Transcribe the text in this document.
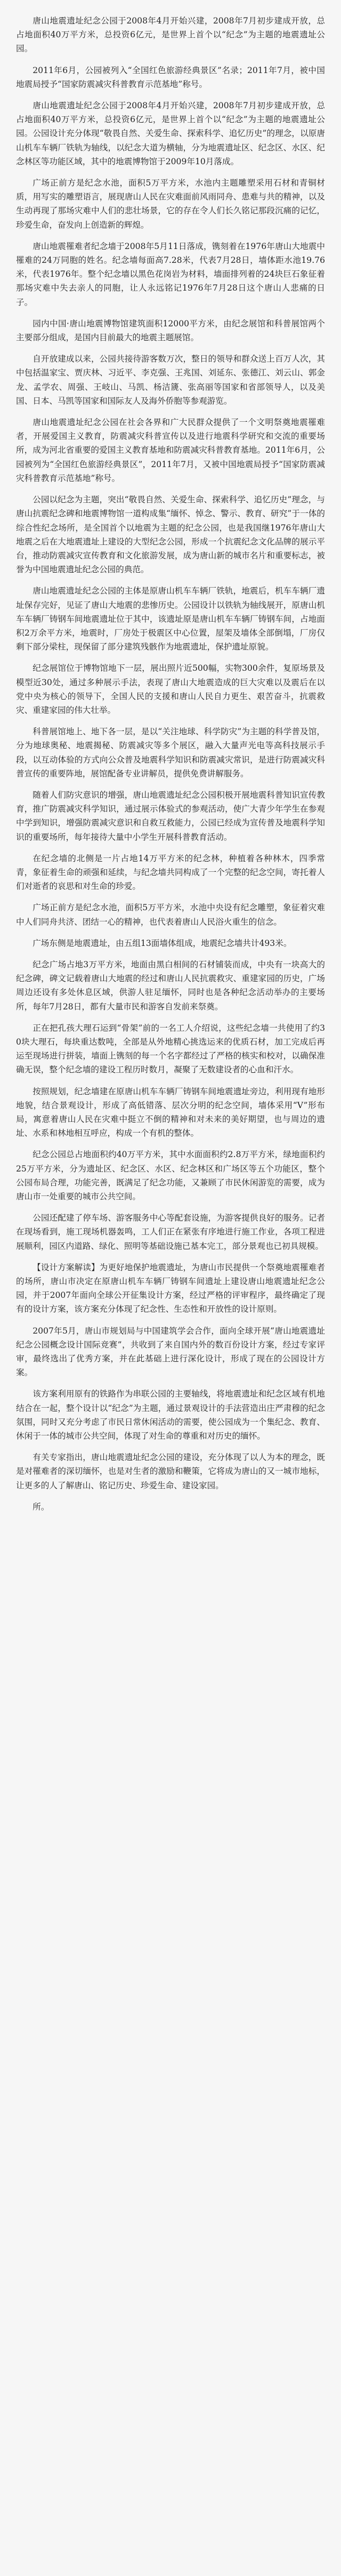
唐山地震遗址纪念公园于2008年4月开始兴建，2008年7月初步建成开放，总占地面积40万平方米，总投资6亿元，是世界上首个以“纪念”为主题的地震遗址公园。

2011年6月，公园被列入“全国红色旅游经典景区”名录；2011年7月，被中国地震局授予“国家防震减灾科普教育示范基地”称号。

唐山地震遗址纪念公园于2008年4月开始兴建，2008年7月初步建成开放，总占地面积40万平方米，总投资6亿元，是世界上首个以“纪念”为主题的地震遗址公园。公园设计充分体现“敬畏自然、关爱生命、探索科学、追忆历史”的理念，以原唐山机车车辆厂铁轨为轴线，以纪念大道为横轴，分为地震遗址区、纪念区、水区、纪念林区等功能区域，其中的地震博物馆于2009年10月落成。

广场正前方是纪念水池，面积5万平方米，水池内主题雕塑采用石材和青铜材质，用写实的雕塑语言，展现唐山人民在灾难面前风雨同舟、患难与共的精神，以及生动再现了那场灾难中人们的悲壮场景，它的存在令人们长久铭记那段沉痛的记忆，珍爱生命，奋发向上创造新的辉煌。

唐山地震罹难者纪念墙于2008年5月11日落成，镌刻着在1976年唐山大地震中罹难的24万同胞的姓名。纪念墙每面高7.28米，代表7月28日，墙体距水池19.76米，代表1976年。整个纪念墙以黑色花岗岩为材料，墙面排列着的24块巨石象征着那场灾难中失去亲人的同胞，让人永远铭记1976年7月28日这个唐山人悲痛的日子。

园内中国·唐山地震博物馆建筑面积12000平方米，由纪念展馆和科普展馆两个主要部分组成，是国内目前最大的地震主题展馆。

自开放建成以来，公园共接待游客数万次，整日的领导和群众送上百万人次，其中包括温家宝、贾庆林、习近平、李克强、王兆国、刘延东、张德江、刘云山、郭金龙、孟学农、周强、王岐山、马凯、杨洁篪、张高丽等国家和省部领导人，以及美国、日本、马凯等国家和国际友人及海外侨胞等参观游览。

唐山地震遗址纪念公园在社会各界和广大民群众提供了一个文明祭奠地震罹难者，开展爱国主义教育，防震减灾科普宣传以及进行地震科学研究和交流的重要场所，成为河北省重要的爱国主义教育基地和防震减灾科普教育基地。2011年6月，公园被列为“全国红色旅游经典景区”，2011年7月，又被中国地震局授予“国家防震减灾科普教育示范基地”称号。

公园以纪念为主题，突出“敬畏自然、关爱生命、探索科学、追忆历史”理念，与唐山抗震纪念碑和地震博物馆一道构成集“缅怀、悼念、警示、教育、研究”于一体的综合性纪念场所，是全国首个以地震为主题的纪念公园，也是我国继1976年唐山大地震之后在大地震遗址上建设的大型纪念公园，形成一个抗震纪念文化品牌的展示平台，推动防震减灾宣传教育和文化旅游发展，成为唐山新的城市名片和重要标志，被誉为中国地震遗址纪念公园的典范。

唐山地震遗址纪念公园的主体是原唐山机车车辆厂铁轨，地震后，机车车辆厂遗址保存完好，见证了唐山大地震的悲惨历史。公园设计以铁轨为轴线展开，原唐山机车车辆厂铸钢车间地震遗址位于其中，该遗址原是唐山机车车辆厂铸钢车间，占地面积2万余平方米，地震时，厂房处于极震区中心位置，屋架及墙体全部倒塌，厂房仅剩下部分梁柱，现保留了部分建筑残骸作为地震遗址，保护遗址原貌。

纪念展馆位于博物馆地下一层，展出照片近500幅，实物300余件，复原场景及模型近30处，通过多种展示手法，表现了唐山大地震造成的巨大灾难以及震后在以党中央为核心的领导下，全国人民的支援和唐山人民自力更生、艰苦奋斗，抗震救灾、重建家园的伟大壮举。

科普展馆地上、地下各一层，是以“关注地球、科学防灾”为主题的科学普及馆，分为地球奥秘、地震揭秘、防震减灾等多个展区，融入大量声光电等高科技展示手段，以互动体验的方式向公众普及地震科学知识和防震减灾常识，是进行防震减灾科普宣传的重要阵地，展馆配备专业讲解员，提供免费讲解服务。

随着人们防灾意识的增强，唐山地震遗址纪念公园积极开展地震科普知识宣传教育，推广防震减灾科学知识，通过展示体验式的参观活动，使广大青少年学生在参观中学到知识，增强防震减灾意识和自救互救能力，公园已经成为宣传普及地震科学知识的重要场所，每年接待大量中小学生开展科普教育活动。

在纪念墙的北侧是一片占地14万平方米的纪念林，种植着各种林木，四季常青，象征着生命的顽强和延续，与纪念墙共同构成了一个完整的纪念空间，寄托着人们对逝者的哀思和对生命的珍爱。

广场正前方是纪念水池，面积5万平方米，水池中央设有纪念雕塑，象征着灾难中人们同舟共济、团结一心的精神，也代表着唐山人民浴火重生的信念。

广场东侧是地震遗址，由五组13面墙体组成，地震纪念墙共计493米。

纪念广场占地3万平方米，地面由黑白相间的石材铺装而成，中央有一块高大的纪念碑，碑文记载着唐山大地震的经过和唐山人民抗震救灾、重建家园的历史，广场周边还设有多处休息区域，供游人驻足缅怀，同时也是各种纪念活动举办的主要场所，每年7月28日，都有大量市民和游客自发前来祭奠。

正在把孔孩大理石运到“骨架”前的一名工人介绍说，这些纪念墙一共使用了约30块大理石，每块重达数吨，全部是从外地精心挑选运来的优质石材，加工完成后再运至现场进行拼装，墙面上镌刻的每一个名字都经过了严格的核实和校对，以确保准确无误，整个纪念墙的建设工程历时数月，凝聚了无数建设者的心血和汗水。

按照规划，纪念墙建在原唐山机车车辆厂铸钢车间地震遗址旁边，利用现有地形地貌，结合景观设计，形成了高低错落、层次分明的纪念空间，墙体采用“V”形布局，寓意着唐山人民在灾难中挺立不倒的精神和对未来的美好期望，也与周边的遗址、水系和林地相互呼应，构成一个有机的整体。

纪念公园总占地面积约40万平方米，其中水面面积约2.8万平方米，绿地面积约25万平方米，分为遗址区、纪念区、水区、纪念林区和广场区等五个功能区，整个公园布局合理，功能完善，既满足了纪念功能，又兼顾了市民休闲游览的需要，成为唐山市一处重要的城市公共空间。

公园还配建了停车场、游客服务中心等配套设施，为游客提供良好的服务。记者在现场看到，施工现场机器轰鸣，工人们正在紧张有序地进行施工作业，各项工程进展顺利，园区内道路、绿化、照明等基础设施已基本完工，部分景观也已初具规模。

【设计方案解读】为更好地保护地震遗址，为唐山市民提供一个祭奠地震罹难者的场所，唐山市决定在原唐山机车车辆厂铸钢车间遗址上建设唐山地震遗址纪念公园，并于2007年面向全球公开征集设计方案，经过严格的评审程序，最终确定了现有的设计方案，该方案充分体现了纪念性、生态性和开放性的设计原则。

2007年5月，唐山市规划局与中国建筑学会合作，面向全球开展“唐山地震遗址纪念公园概念设计国际竞赛”，共收到了来自国内外的数百份设计方案，经过专家评审，最终选出了优秀方案，并在此基础上进行深化设计，形成了现在的公园设计方案。

该方案利用原有的铁路作为串联公园的主要轴线，将地震遗址和纪念区域有机地结合在一起，整个设计以“纪念”为主题，通过景观设计的手法营造出庄严肃穆的纪念氛围，同时又充分考虑了市民日常休闲活动的需要，使公园成为一个集纪念、教育、休闲于一体的城市公共空间，体现了对生命的尊重和对历史的缅怀。

有关专家指出，唐山地震遗址纪念公园的建设，充分体现了以人为本的理念，既是对罹难者的深切缅怀，也是对生者的激励和鞭策，它将成为唐山的又一城市地标，让更多的人了解唐山、铭记历史、珍爱生命、建设家园。

所。
